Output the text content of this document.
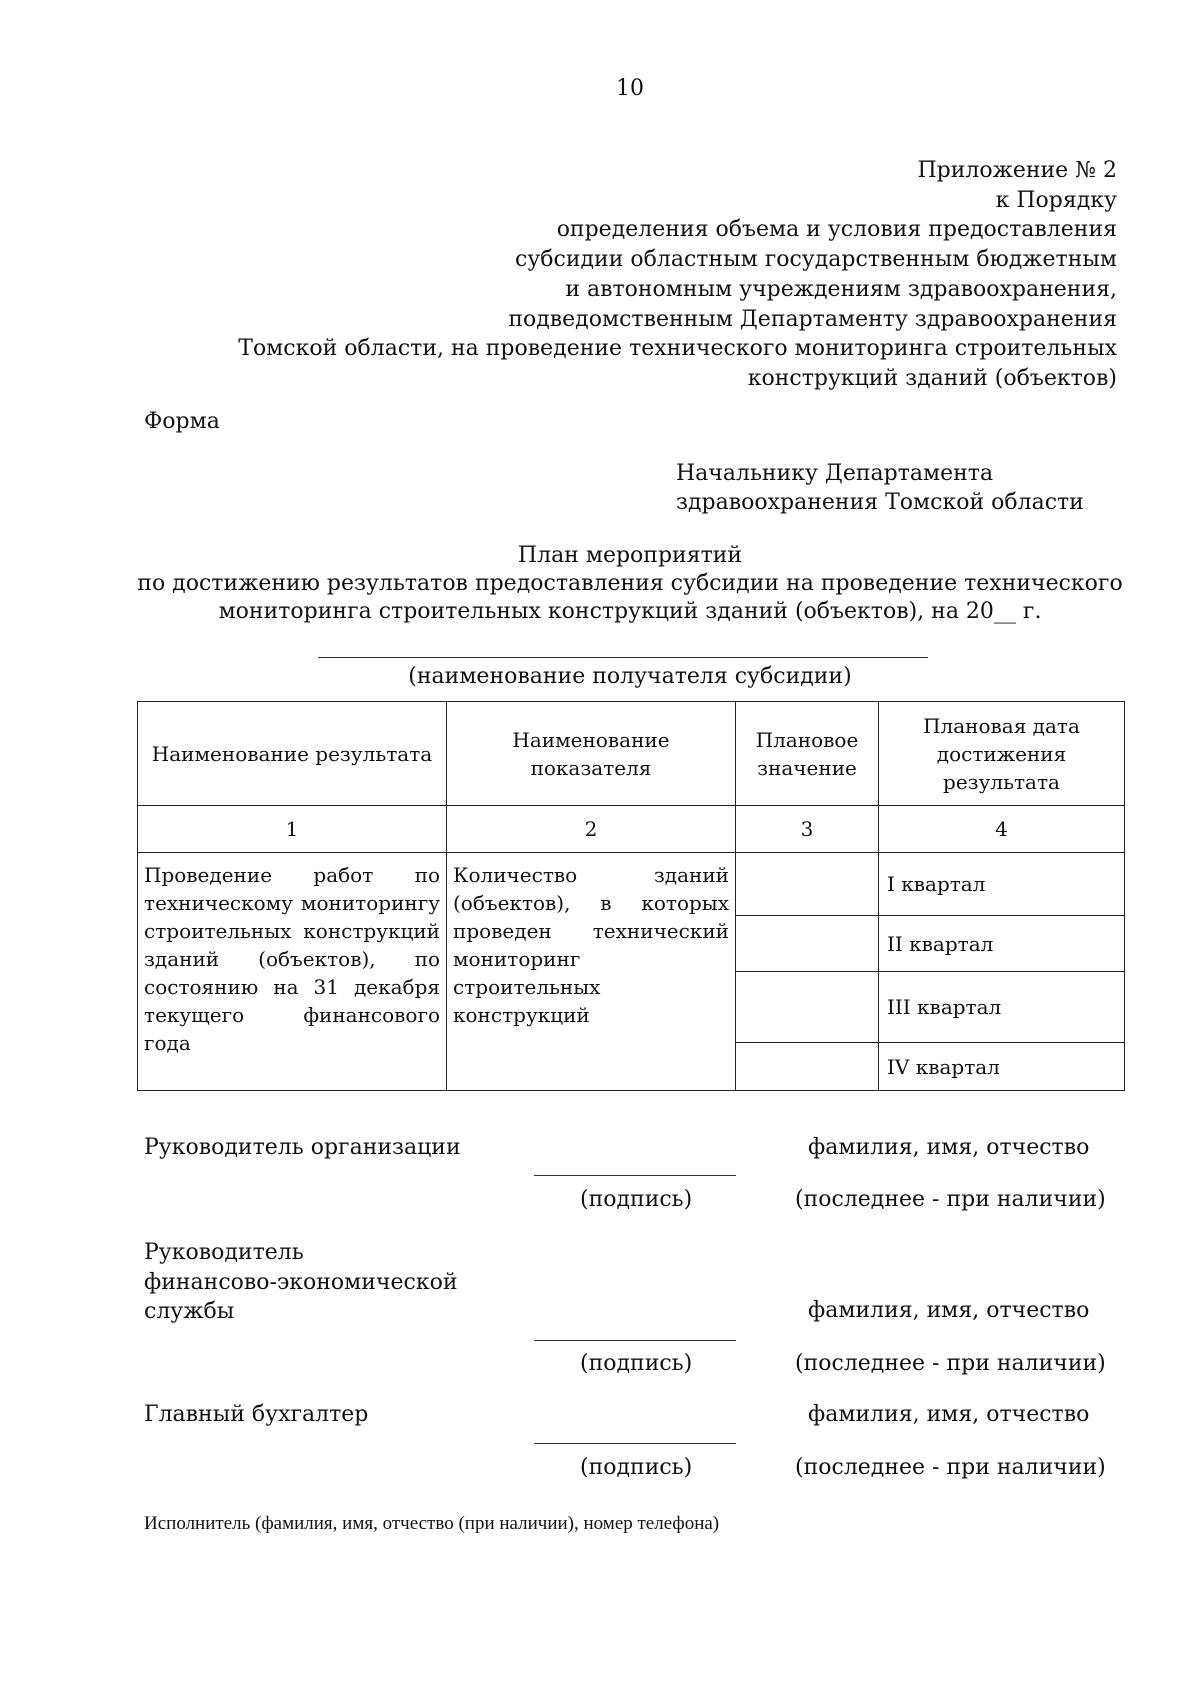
10
Приложение № 2
к Порядку
определения объема и условия предоставления
субсидии областным государственным бюджетным
и автономным учреждениям здравоохранения,
подведомственным Департаменту здравоохранения
Томской области, на проведение технического мониторинга строительных
конструкций зданий (объектов)
Форма
Начальнику Департамента
здравоохранения Томской области
План мероприятий
по достижению результатов предоставления субсидии на проведение технического
мониторинга строительных конструкций зданий (объектов), на 20__ г.
(наименование получателя субсидии)
Наименование результата	Наименование показателя	Плановое значение	Плановая дата достижения результата
1	2	3	4
Проведение работ по техническому мониторингу строительных конструкций зданий (объектов), по состоянию на 31 декабря текущего финансового года	Количество зданий (объектов), в которых проведен технический мониторинг строительных конструкций		I квартал
			II квартал
			III квартал
			IV квартал
Руководитель организации	фамилия, имя, отчество
(подпись)	(последнее - при наличии)
Руководитель
финансово-экономической
службы	фамилия, имя, отчество
(подпись)	(последнее - при наличии)
Главный бухгалтер	фамилия, имя, отчество
(подпись)	(последнее - при наличии)
Исполнитель (фамилия, имя, отчество (при наличии), номер телефона)
